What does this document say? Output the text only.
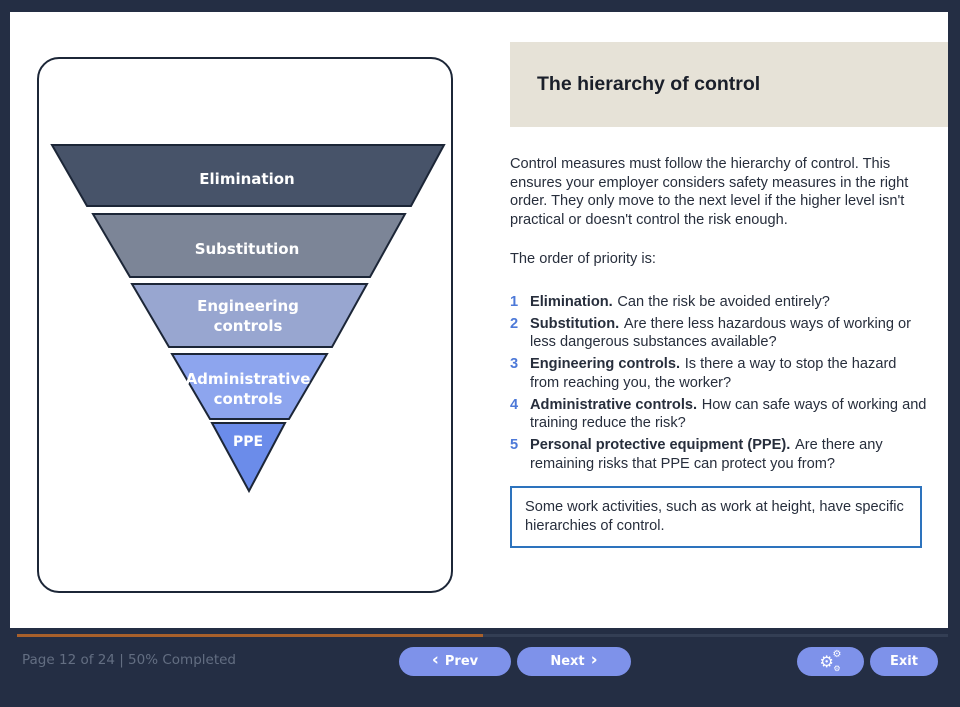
Elimination
Substitution
Engineering controls
Administrative controls
PPE
The hierarchy of control
Control measures must follow the hierarchy of control. This ensures your employer considers safety measures in the right order. They only move to the next level if the higher level isn't practical or doesn't control the risk enough.
The order of priority is:
1 Elimination. Can the risk be avoided entirely?
2 Substitution. Are there less hazardous ways of working or less dangerous substances available?
3 Engineering controls. Is there a way to stop the hazard from reaching you, the worker?
4 Administrative controls. How can safe ways of working and training reduce the risk?
5 Personal protective equipment (PPE). Are there any remaining risks that PPE can protect you from?
Some work activities, such as work at height, have specific hierarchies of control.
Page 12 of 24 | 50% Completed	‹ Prev	Next ›	⚙
⚙
⚙	Exit
